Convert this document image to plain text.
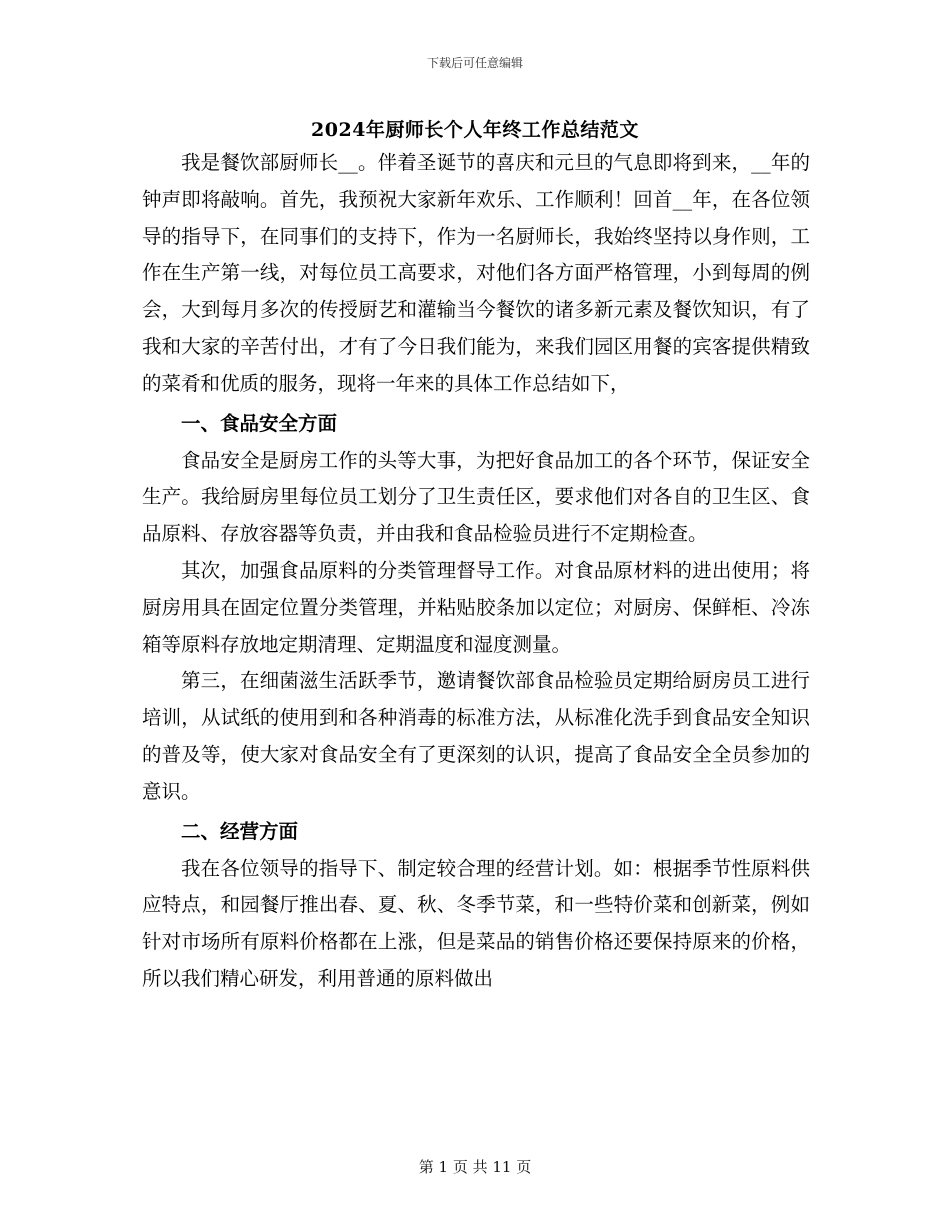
下载后可任意编辑
2024年厨师长个人年终工作总结范文

我是餐饮部厨师长__。伴着圣诞节的喜庆和元旦的气息即将到来，__年的钟声即将敲响。首先，我预祝大家新年欢乐、工作顺利！回首__年，在各位领导的指导下，在同事们的支持下，作为一名厨师长，我始终坚持以身作则，工作在生产第一线，对每位员工高要求，对他们各方面严格管理，小到每周的例会，大到每月多次的传授厨艺和灌输当今餐饮的诸多新元素及餐饮知识，有了我和大家的辛苦付出，才有了今日我们能为，来我们园区用餐的宾客提供精致的菜肴和优质的服务，现将一年来的具体工作总结如下，

一、食品安全方面

食品安全是厨房工作的头等大事，为把好食品加工的各个环节，保证安全生产。我给厨房里每位员工划分了卫生责任区，要求他们对各自的卫生区、食品原料、存放容器等负责，并由我和食品检验员进行不定期检查。

其次，加强食品原料的分类管理督导工作。对食品原材料的进出使用；将厨房用具在固定位置分类管理，并粘贴胶条加以定位；对厨房、保鲜柜、冷冻箱等原料存放地定期清理、定期温度和湿度测量。

第三，在细菌滋生活跃季节，邀请餐饮部食品检验员定期给厨房员工进行培训，从试纸的使用到和各种消毒的标准方法，从标准化洗手到食品安全知识的普及等，使大家对食品安全有了更深刻的认识，提高了食品安全全员参加的意识。

二、经营方面

我在各位领导的指导下、制定较合理的经营计划。如：根据季节性原料供应特点，和园餐厅推出春、夏、秋、冬季节菜，和一些特价菜和创新菜，例如针对市场所有原料价格都在上涨，但是菜品的销售价格还要保持原来的价格，所以我们精心研发，利用普通的原料做出

第 1 页 共 11 页
